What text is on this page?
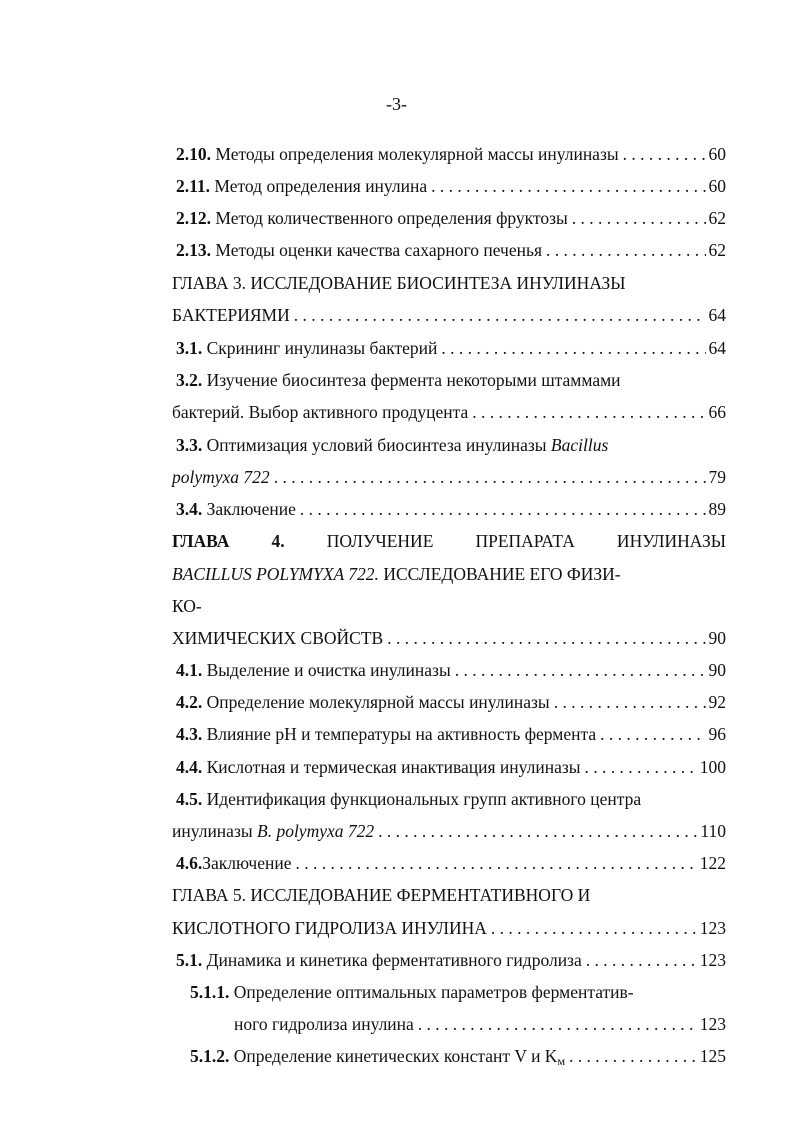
-3-
2.10. Методы определения молекулярной массы инулиназы . . .	60
2.11. Метод определения инулина . . .	60
2.12. Метод количественного определения фруктозы . . .	62
2.13. Методы оценки качества сахарного печенья . . .	62
ГЛАВА 3. ИССЛЕДОВАНИЕ БИОСИНТЕЗА ИНУЛИНАЗЫ
БАКТЕРИЯМИ . . .	64
3.1. Скрининг инулиназы бактерий . . .	64
3.2. Изучение биосинтеза фермента некоторыми штаммами
бактерий. Выбор активного продуцента . . .	66
3.3. Оптимизация условий биосинтеза инулиназы Bacillus
polymyxa 722 . . .	79
3.4. Заключение . . .	89
ГЛАВА 4. ПОЛУЧЕНИЕ ПРЕПАРАТА ИНУЛИНАЗЫ
BACILLUS POLYMYXA 722. ИССЛЕДОВАНИЕ ЕГО ФИЗИ-
КО-
ХИМИЧЕСКИХ СВОЙСТВ . . .	90
4.1. Выделение и очистка инулиназы . . .	90
4.2. Определение молекулярной массы инулиназы . . .	92
4.3. Влияние pH и температуры на активность фермента . . .	96
4.4. Кислотная и термическая инактивация инулиназы . . .	100
4.5. Идентификация функциональных групп активного центра
инулиназы B. polymyxa 722 . . .	110
4.6.Заключение . . .	122
ГЛАВА 5. ИССЛЕДОВАНИЕ ФЕРМЕНТАТИВНОГО И
КИСЛОТНОГО ГИДРОЛИЗА ИНУЛИНА . . .	123
5.1. Динамика и кинетика ферментативного гидролиза . . .	123
5.1.1. Определение оптимальных параметров ферментатив-
ного гидролиза инулина . . .	123
5.1.2. Определение кинетических констант V и $K_м$ . . .	125
